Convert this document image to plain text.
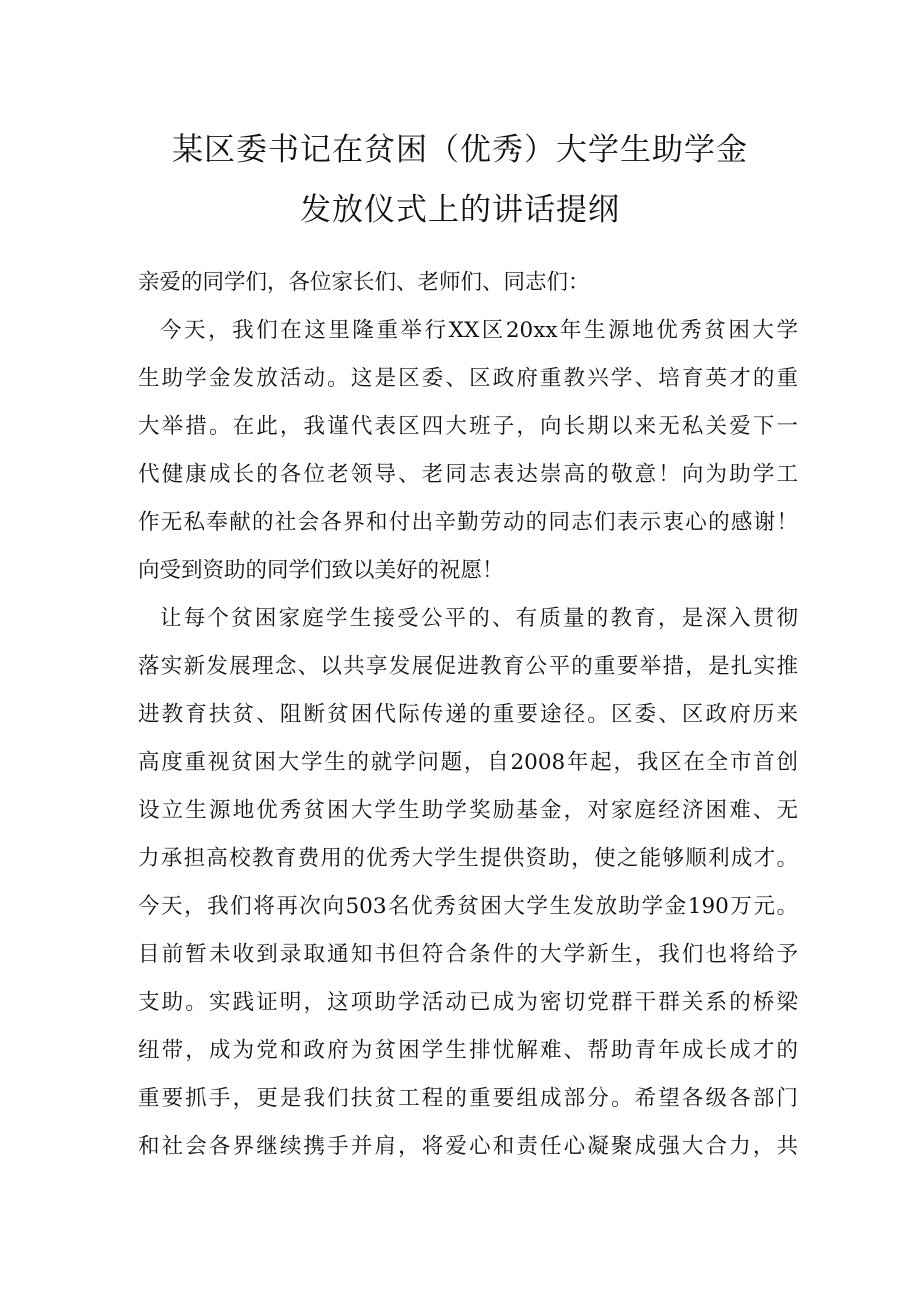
某区委书记在贫困（优秀）大学生助学金
发放仪式上的讲话提纲
亲爱的同学们，各位家长们、老师们、同志们：
今天，我们在这里隆重举行XX区20xx年生源地优秀贫困大学
生助学金发放活动。这是区委、区政府重教兴学、培育英才的重
大举措。在此，我谨代表区四大班子，向长期以来无私关爱下一
代健康成长的各位老领导、老同志表达崇高的敬意！向为助学工
作无私奉献的社会各界和付出辛勤劳动的同志们表示衷心的感谢！
向受到资助的同学们致以美好的祝愿！
让每个贫困家庭学生接受公平的、有质量的教育，是深入贯彻
落实新发展理念、以共享发展促进教育公平的重要举措，是扎实推
进教育扶贫、阻断贫困代际传递的重要途径。区委、区政府历来
高度重视贫困大学生的就学问题，自2008年起，我区在全市首创
设立生源地优秀贫困大学生助学奖励基金，对家庭经济困难、无
力承担高校教育费用的优秀大学生提供资助，使之能够顺利成才。
今天，我们将再次向503名优秀贫困大学生发放助学金190万元。
目前暂未收到录取通知书但符合条件的大学新生，我们也将给予
支助。实践证明，这项助学活动已成为密切党群干群关系的桥梁
纽带，成为党和政府为贫困学生排忧解难、帮助青年成长成才的
重要抓手，更是我们扶贫工程的重要组成部分。希望各级各部门
和社会各界继续携手并肩，将爱心和责任心凝聚成强大合力，共
